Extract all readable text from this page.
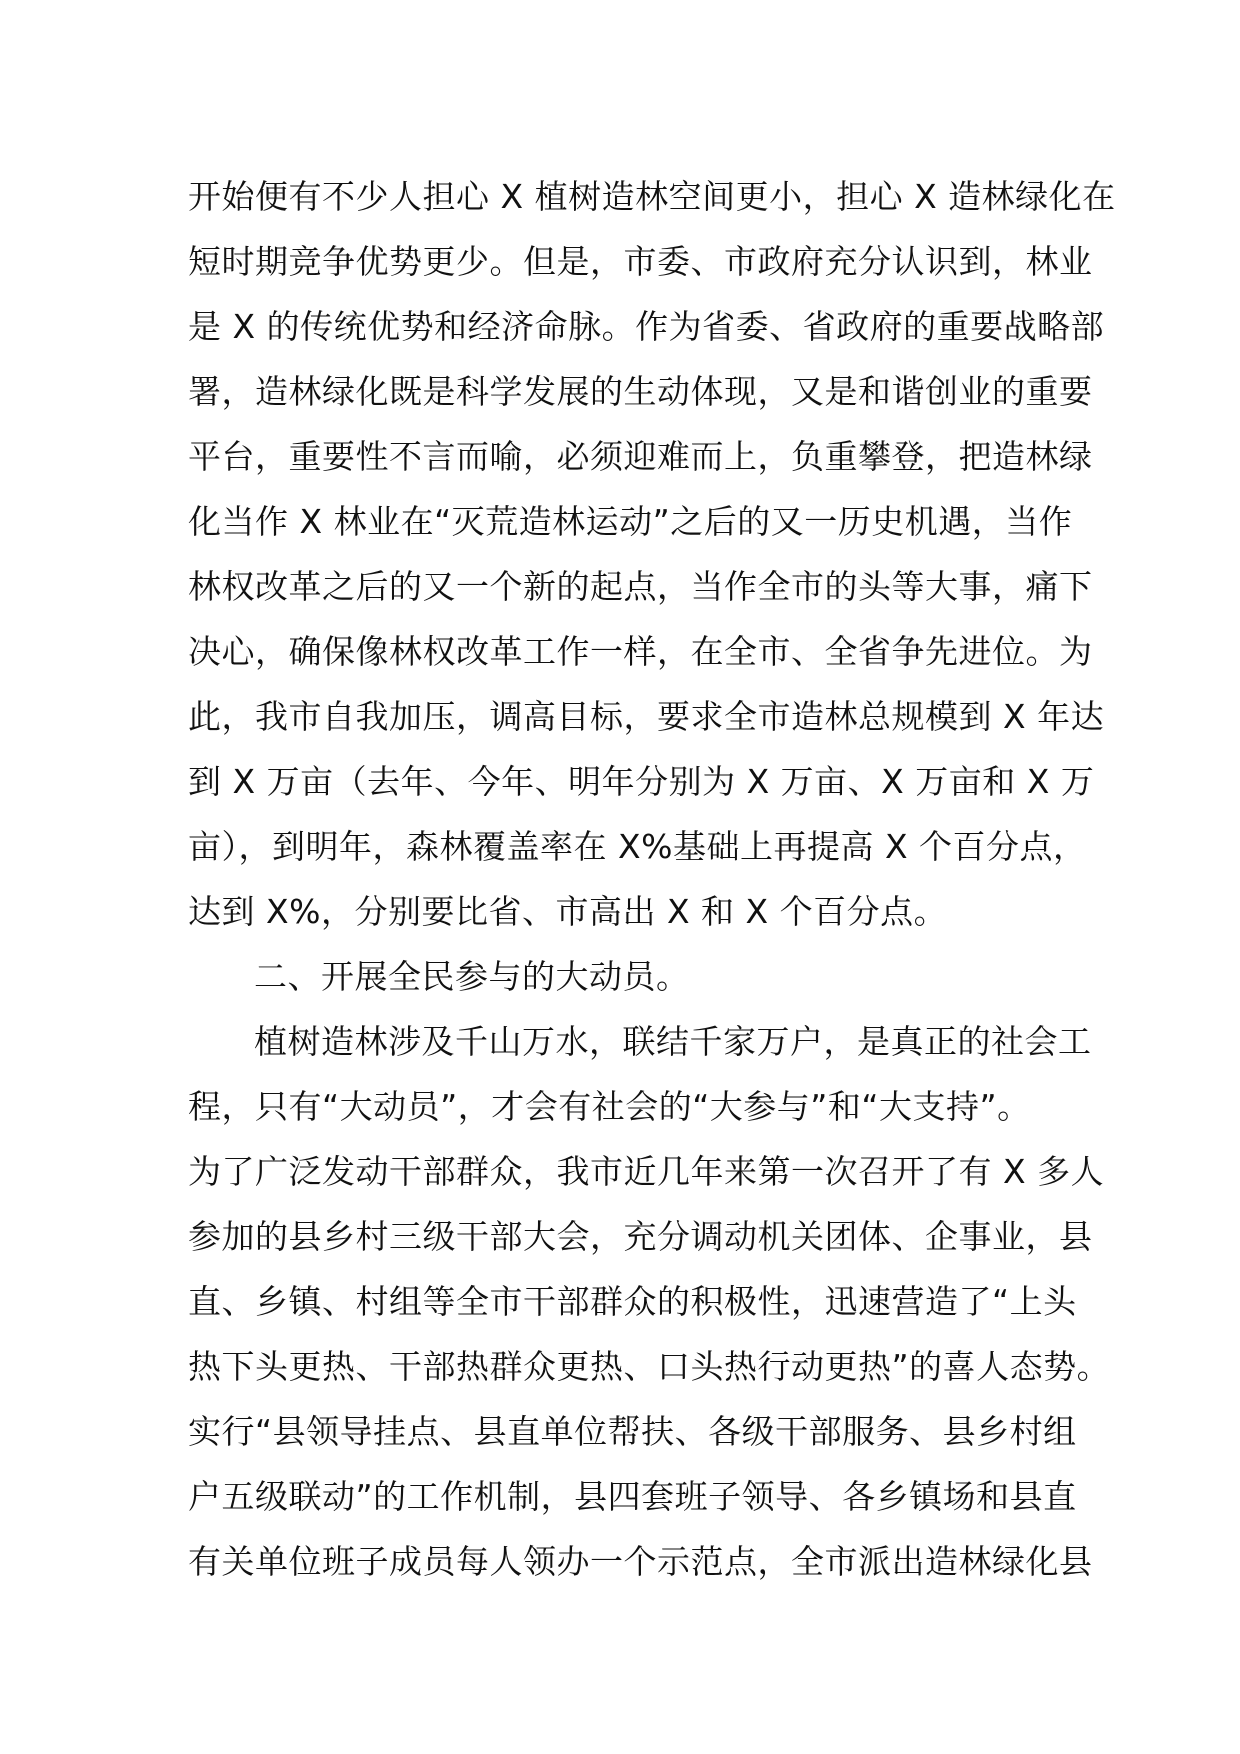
开始便有不少人担心 X 植树造林空间更小，担心 X 造林绿化在
短时期竞争优势更少。但是，市委、市政府充分认识到，林业
是 X 的传统优势和经济命脉。作为省委、省政府的重要战略部
署，造林绿化既是科学发展的生动体现，又是和谐创业的重要
平台，重要性不言而喻，必须迎难而上，负重攀登，把造林绿
化当作 X 林业在“灭荒造林运动”之后的又一历史机遇，当作
林权改革之后的又一个新的起点，当作全市的头等大事，痛下
决心，确保像林权改革工作一样，在全市、全省争先进位。为
此，我市自我加压，调高目标，要求全市造林总规模到 X 年达
到 X 万亩（去年、今年、明年分别为 X 万亩、X 万亩和 X 万
亩），到明年，森林覆盖率在 X%基础上再提高 X 个百分点，
达到 X%，分别要比省、市高出 X 和 X 个百分点。
二、开展全民参与的大动员。
植树造林涉及千山万水，联结千家万户，是真正的社会工
程，只有“大动员”，才会有社会的“大参与”和“大支持”。
为了广泛发动干部群众，我市近几年来第一次召开了有 X 多人
参加的县乡村三级干部大会，充分调动机关团体、企事业，县
直、乡镇、村组等全市干部群众的积极性，迅速营造了“上头
热下头更热、干部热群众更热、口头热行动更热”的喜人态势。
实行“县领导挂点、县直单位帮扶、各级干部服务、县乡村组
户五级联动”的工作机制，县四套班子领导、各乡镇场和县直
有关单位班子成员每人领办一个示范点，全市派出造林绿化县
